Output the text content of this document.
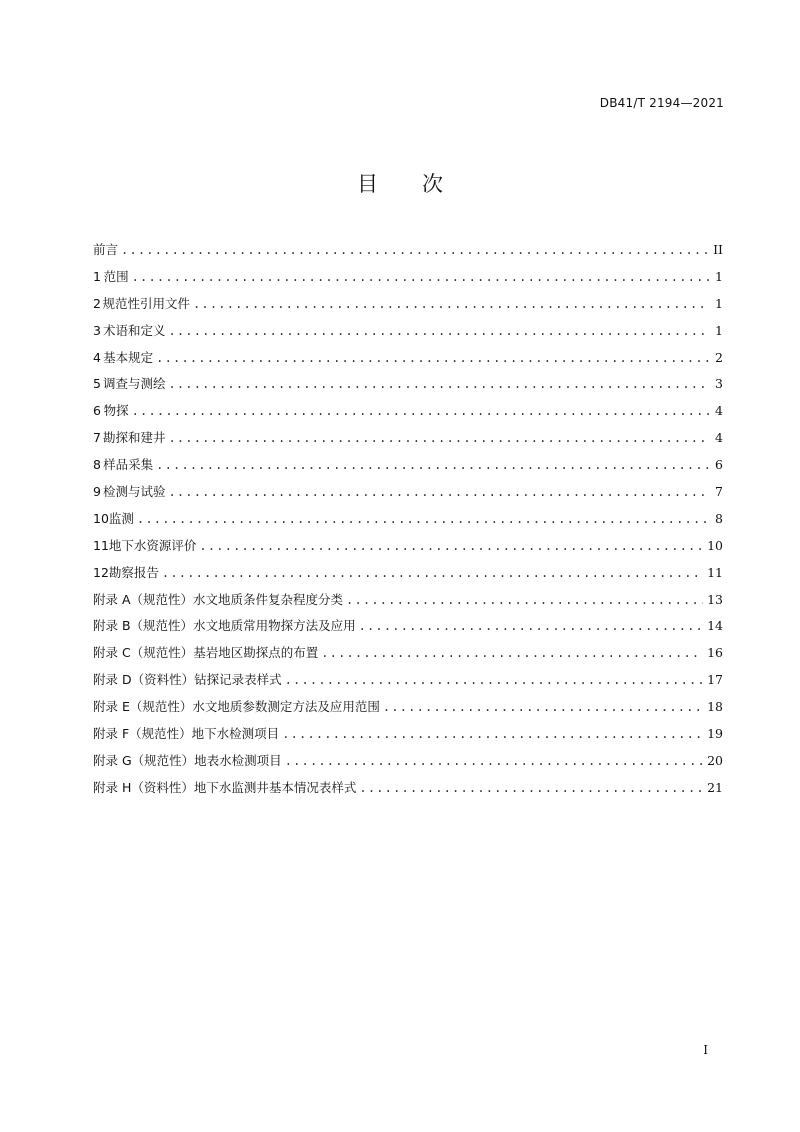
DB41/T 2194—2021
目 次
前言 .....	II
1 范围 .....	1
2 规范性引用文件 .....	1
3 术语和定义 .....	1
4 基本规定 .....	2
5 调查与测绘 .....	3
6 物探 .....	4
7 勘探和建井 .....	4
8 样品采集 .....	6
9 检测与试验 .....	7
10 监测 .....	8
11 地下水资源评价 .....	10
12 勘察报告 .....	11
附录 A（规范性） 水文地质条件复杂程度分类 .....	13
附录 B（规范性） 水文地质常用物探方法及应用 .....	14
附录 C（规范性） 基岩地区勘探点的布置 .....	16
附录 D（资料性） 钻探记录表样式 .....	17
附录 E（规范性） 水文地质参数测定方法及应用范围 .....	18
附录 F（规范性） 地下水检测项目 .....	19
附录 G（规范性） 地表水检测项目 .....	20
附录 H（资料性） 地下水监测井基本情况表样式 .....	21
I
